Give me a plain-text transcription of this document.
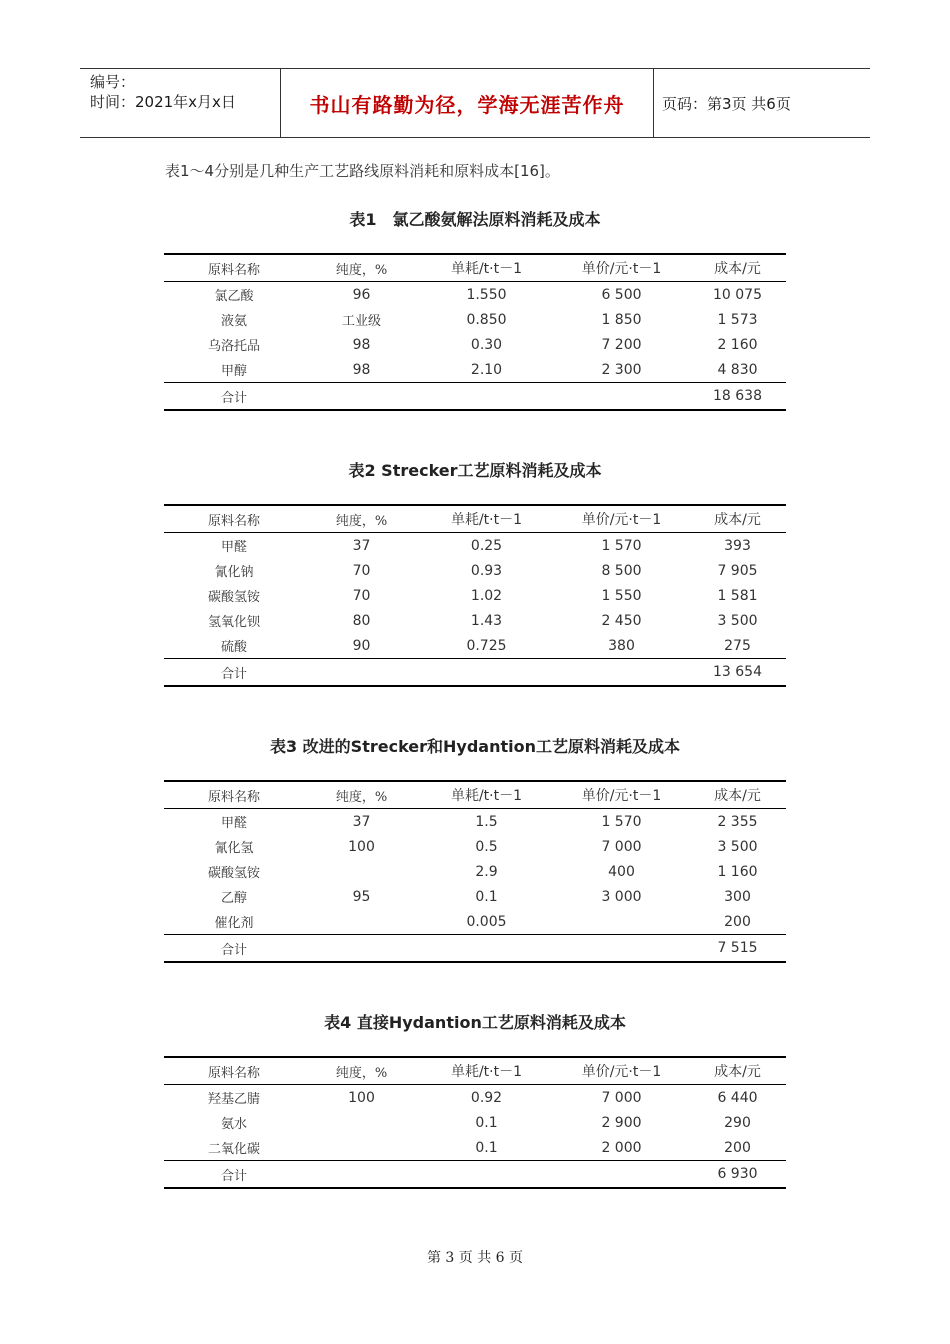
编号：
时间：2021年x月x日	书山有路勤为径，学海无涯苦作舟	页码：第3页 共6页
表1～4分别是几种生产工艺路线原料消耗和原料成本[16]。
表1　氯乙酸氨解法原料消耗及成本
原料名称	纯度，%	单耗/t·t－1	单价/元·t－1	成本/元
氯乙酸	96	1.550	6 500	10 075
液氨	工业级	0.850	1 850	1 573
乌洛托品	98	0.30	7 200	2 160
甲醇	98	2.10	2 300	4 830
合计				18 638
表2 Strecker工艺原料消耗及成本
原料名称	纯度，%	单耗/t·t－1	单价/元·t－1	成本/元
甲醛	37	0.25	1 570	393
氰化钠	70	0.93	8 500	7 905
碳酸氢铵	70	1.02	1 550	1 581
氢氧化钡	80	1.43	2 450	3 500
硫酸	90	0.725	380	275
合计				13 654
表3 改进的Strecker和Hydantion工艺原料消耗及成本
原料名称	纯度，%	单耗/t·t－1	单价/元·t－1	成本/元
甲醛	37	1.5	1 570	2 355
氰化氢	100	0.5	7 000	3 500
碳酸氢铵		2.9	400	1 160
乙醇	95	0.1	3 000	300
催化剂		0.005		200
合计				7 515
表4 直接Hydantion工艺原料消耗及成本
原料名称	纯度，%	单耗/t·t－1	单价/元·t－1	成本/元
羟基乙腈	100	0.92	7 000	6 440
氨水		0.1	2 900	290
二氧化碳		0.1	2 000	200
合计				6 930
第 3 页 共 6 页
